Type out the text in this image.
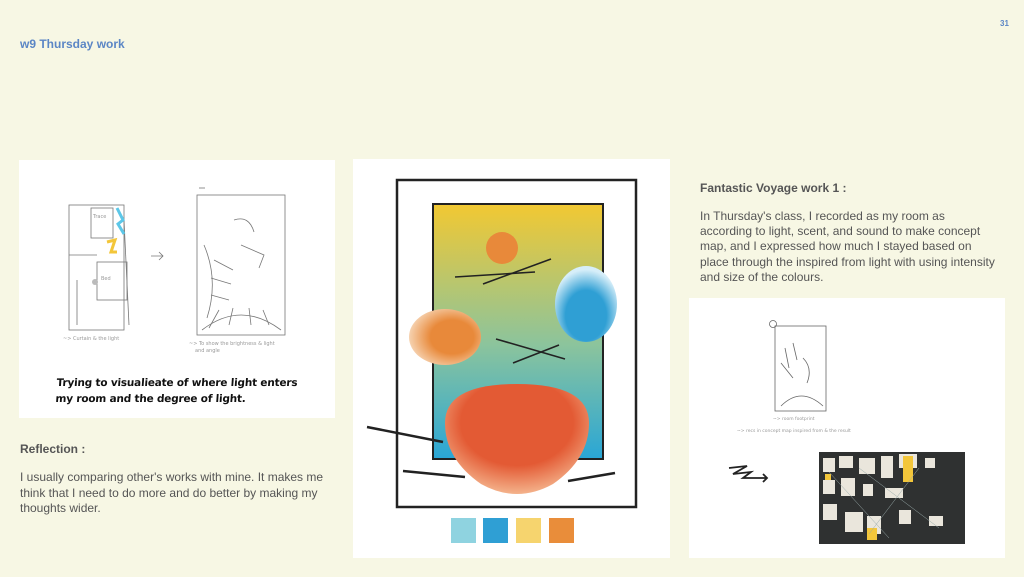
w9 Thursday work
31
Trace
Bed
~> Curtain & the light
~> To show the brightness & light
and angle
Trying to visualieate of where light enters my room and the degree of light.
Reflection :
I usually comparing other's works with mine. It makes me think that I need to do more and do better by making my thoughts wider.
Fantastic Voyage work 1 :
In Thursday's class, I recorded as my room as according to light, scent, and sound to make concept map, and I expressed how much I stayed based on place through the inspired from light with using intensity and size of the colours.
~> room footprint
~> recs in concept map inspired from & the result
